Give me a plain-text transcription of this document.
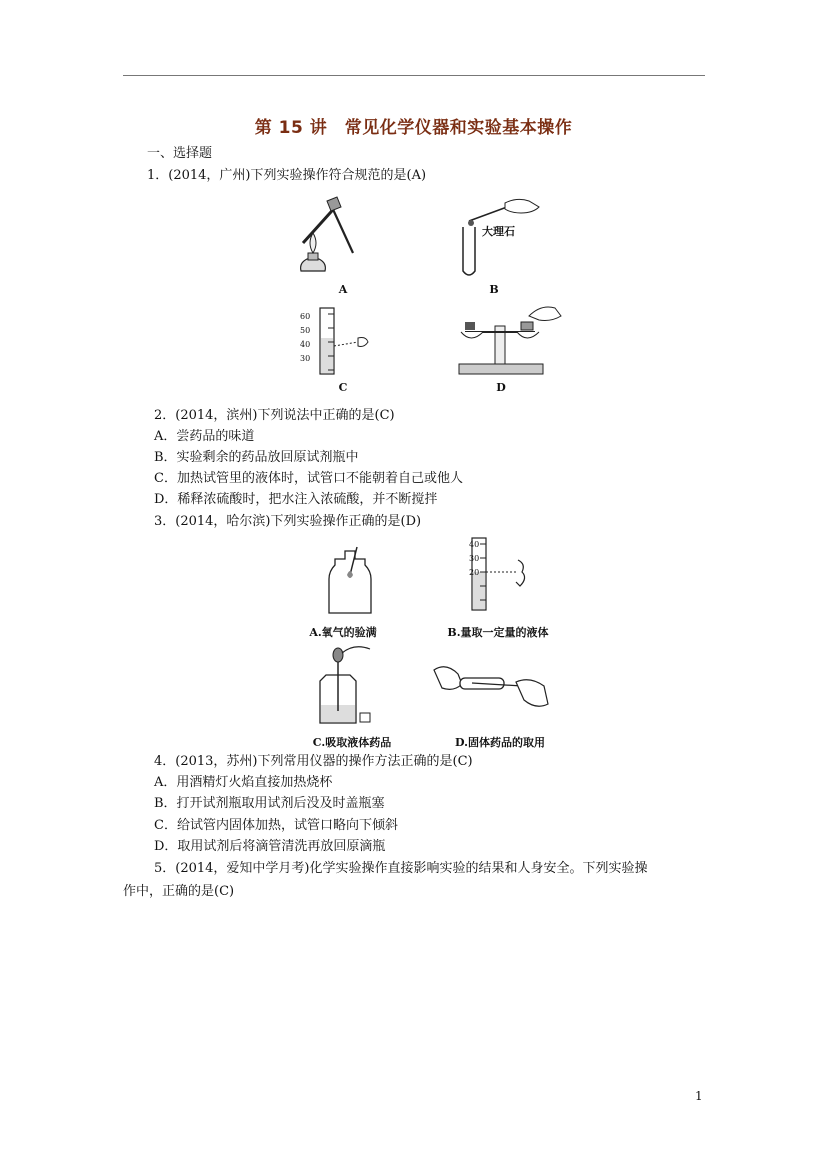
第 15 讲　常见化学仪器和实验基本操作
一、选择题
1．(2014，广州)下列实验操作符合规范的是(A)
A
大理石
B
60
50
40
30
C	D
2．(2014，滨州)下列说法中正确的是(C)
A．尝药品的味道
B．实验剩余的药品放回原试剂瓶中
C．加热试管里的液体时，试管口不能朝着自己或他人
D．稀释浓硫酸时，把水注入浓硫酸，并不断搅拌
3．(2014，哈尔滨)下列实验操作正确的是(D)
A.氧气的验满
40
30
20
B.量取一定量的液体
C.吸取液体药品	D.固体药品的取用
4．(2013，苏州)下列常用仪器的操作方法正确的是(C)
A．用酒精灯火焰直接加热烧杯
B．打开试剂瓶取用试剂后没及时盖瓶塞
C．给试管内固体加热，试管口略向下倾斜
D．取用试剂后将滴管清洗再放回原滴瓶
5．(2014，爱知中学月考)化学实验操作直接影响实验的结果和人身安全。下列实验操
作中，正确的是(C)
1
